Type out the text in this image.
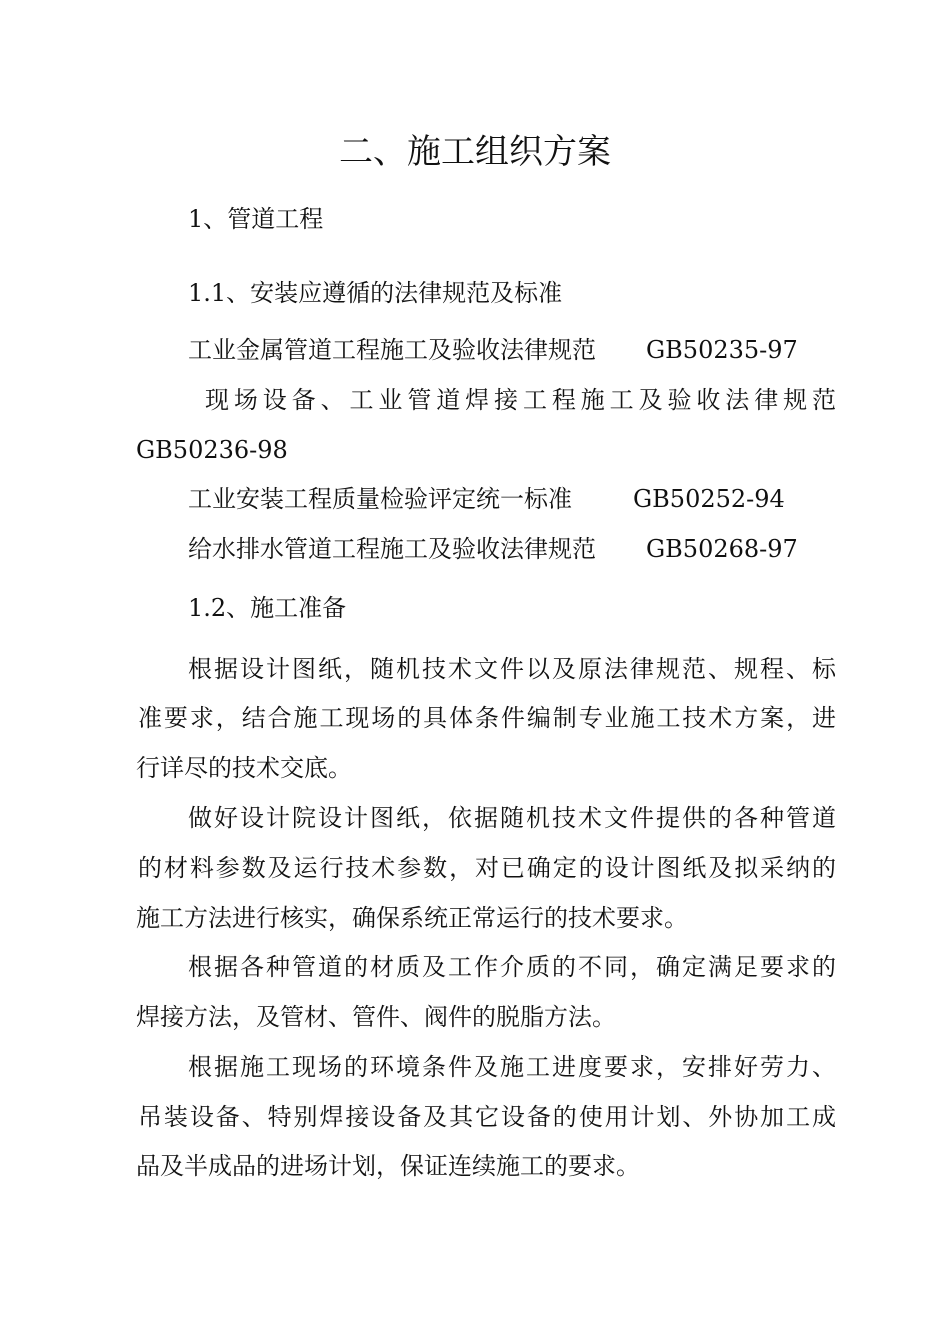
二、施工组织方案
1、管道工程
1.1、安装应遵循的法律规范及标准
工业金属管道工程施工及验收法律规范 GB50235-97
现场设备、工业管道焊接工程施工及验收法律规范
GB50236-98
工业安装工程质量检验评定统一标准	GB50252-94
给水排水管道工程施工及验收法律规范 GB50268-97
1.2、施工准备
根据设计图纸，随机技术文件以及原法律规范、规程、标
准要求，结合施工现场的具体条件编制专业施工技术方案，进
行详尽的技术交底。
做好设计院设计图纸，依据随机技术文件提供的各种管道
的材料参数及运行技术参数，对已确定的设计图纸及拟采纳的
施工方法进行核实，确保系统正常运行的技术要求。
根据各种管道的材质及工作介质的不同，确定满足要求的
焊接方法，及管材、管件、阀件的脱脂方法。
根据施工现场的环境条件及施工进度要求，安排好劳力、
吊装设备、特别焊接设备及其它设备的使用计划、外协加工成
品及半成品的进场计划，保证连续施工的要求。
